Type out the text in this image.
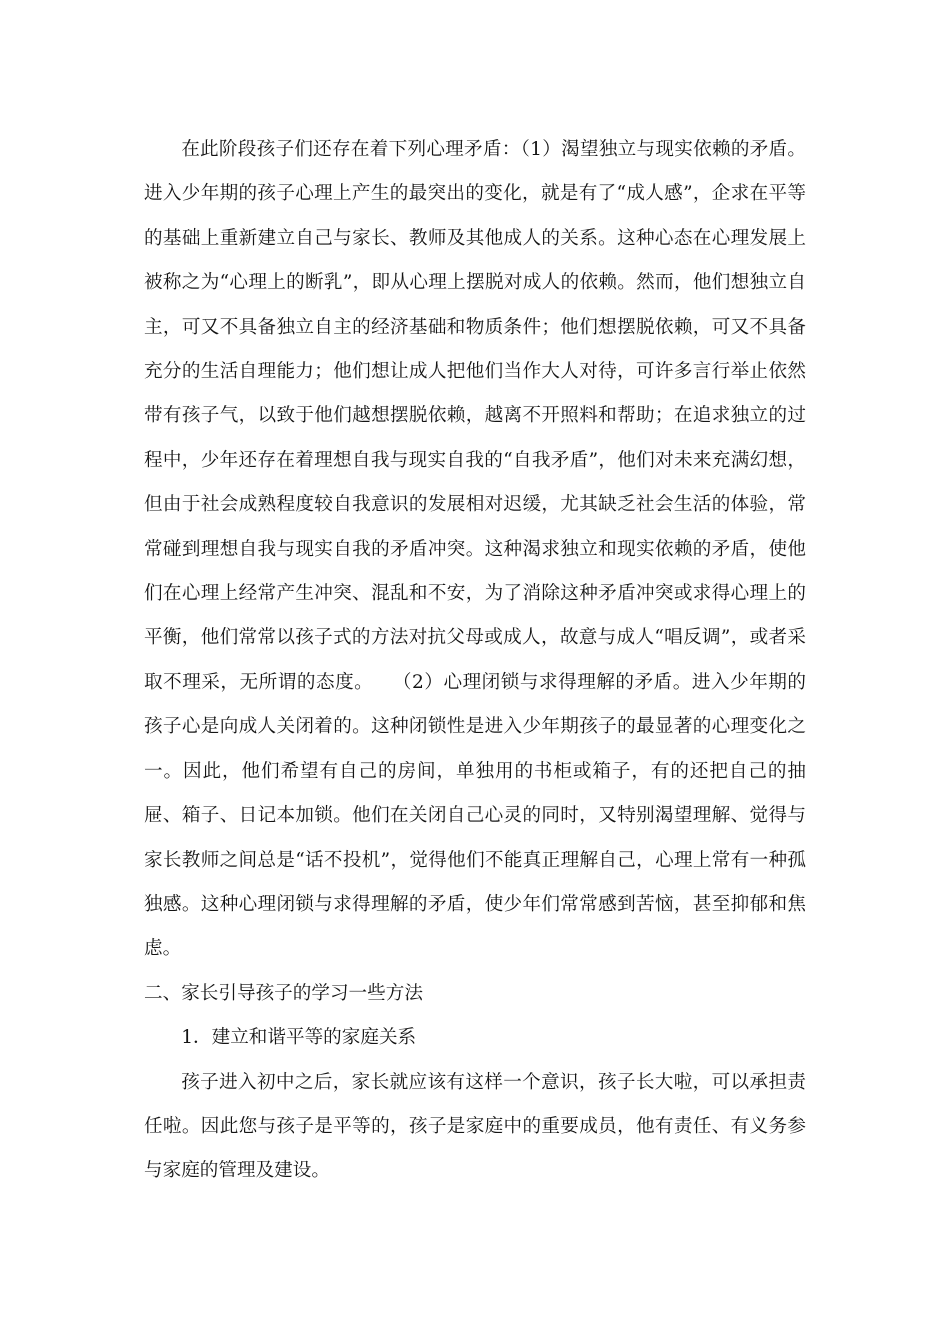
在此阶段孩子们还存在着下列心理矛盾：（1）渴望独立与现实依赖的矛盾。进入少年期的孩子心理上产生的最突出的变化，就是有了“成人感”，企求在平等的基础上重新建立自己与家长、教师及其他成人的关系。这种心态在心理发展上被称之为“心理上的断乳”，即从心理上摆脱对成人的依赖。然而，他们想独立自主，可又不具备独立自主的经济基础和物质条件；他们想摆脱依赖，可又不具备充分的生活自理能力；他们想让成人把他们当作大人对待，可许多言行举止依然带有孩子气，以致于他们越想摆脱依赖，越离不开照料和帮助；在追求独立的过程中，少年还存在着理想自我与现实自我的“自我矛盾”，他们对未来充满幻想，但由于社会成熟程度较自我意识的发展相对迟缓，尤其缺乏社会生活的体验，常常碰到理想自我与现实自我的矛盾冲突。这种渴求独立和现实依赖的矛盾，使他们在心理上经常产生冲突、混乱和不安，为了消除这种矛盾冲突或求得心理上的平衡，他们常常以孩子式的方法对抗父母或成人，故意与成人“唱反调”，或者采取不理采，无所谓的态度。　　（2）心理闭锁与求得理解的矛盾。进入少年期的孩子心是向成人关闭着的。这种闭锁性是进入少年期孩子的最显著的心理变化之一。因此，他们希望有自己的房间，单独用的书柜或箱子，有的还把自己的抽屉、箱子、日记本加锁。他们在关闭自己心灵的同时，又特别渴望理解、觉得与家长教师之间总是“话不投机”，觉得他们不能真正理解自己，心理上常有一种孤独感。这种心理闭锁与求得理解的矛盾，使少年们常常感到苦恼，甚至抑郁和焦虑。

二、家长引导孩子的学习一些方法

1．建立和谐平等的家庭关系

孩子进入初中之后，家长就应该有这样一个意识，孩子长大啦，可以承担责任啦。因此您与孩子是平等的，孩子是家庭中的重要成员，他有责任、有义务参与家庭的管理及建设。
